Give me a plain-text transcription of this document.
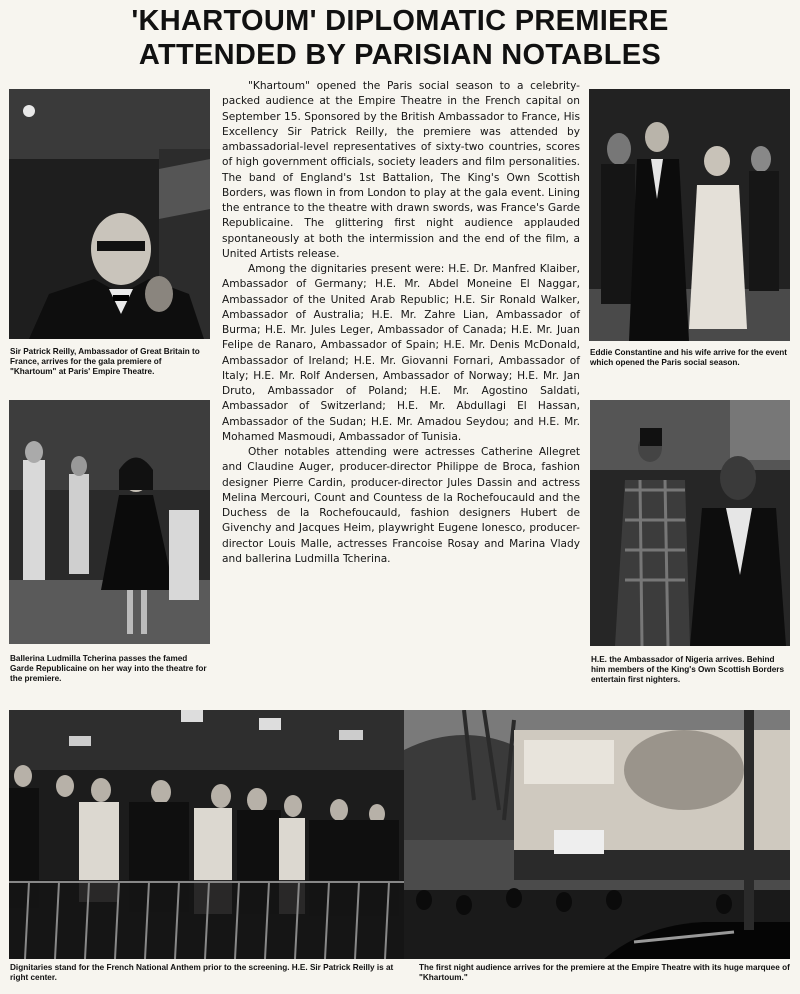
'KHARTOUM' DIPLOMATIC PREMIERE
ATTENDED BY PARISIAN NOTABLES
Sir Patrick Reilly, Ambassador of Great Britain to France, arrives for the gala premiere of "Khartoum" at Paris' Empire Theatre.
Eddie Constantine and his wife arrive for the event which opened the Paris social season.
Ballerina Ludmilla Tcherina passes the famed Garde Republicaine on her way into the theatre for the premiere.
H.E. the Ambassador of Nigeria arrives. Behind him members of the King's Own Scottish Borders entertain first nighters.
Dignitaries stand for the French National Anthem prior to the screening. H.E. Sir Patrick Reilly is at right center.
The first night audience arrives for the premiere at the Empire Theatre with its huge marquee of "Khartoum."

"Khartoum" opened the Paris social season to a celebrity-packed audience at the Empire Theatre in the French capital on September 15. Sponsored by the British Ambassador to France, His Excellency Sir Patrick Reilly, the premiere was attended by ambassadorial-level representatives of sixty-two countries, scores of high government officials, society leaders and film personalities. The band of England's 1st Battalion, The King's Own Scottish Borders, was flown in from London to play at the gala event. Lining the entrance to the theatre with drawn swords, was France's Garde Republicaine. The glittering first night audience applauded spontaneously at both the intermission and the end of the film, a United Artists release.

Among the dignitaries present were: H.E. Dr. Manfred Klaiber, Ambassador of Germany; H.E. Mr. Abdel Moneine El Naggar, Ambassador of the United Arab Republic; H.E. Sir Ronald Walker, Ambassador of Australia; H.E. Mr. Zahre Lian, Ambassador of Burma; H.E. Mr. Jules Leger, Ambassador of Canada; H.E. Mr. Juan Felipe de Ranaro, Ambassador of Spain; H.E. Mr. Denis McDonald, Ambassador of Ireland; H.E. Mr. Giovanni Fornari, Ambassador of Italy; H.E. Mr. Rolf Andersen, Ambassador of Norway; H.E. Mr. Jan Druto, Ambassador of Poland; H.E. Mr. Agostino Saldati, Ambassador of Switzerland; H.E. Mr. Abdullagi El Hassan, Ambassador of the Sudan; H.E. Mr. Amadou Seydou; and H.E. Mr. Mohamed Masmoudi, Ambassador of Tunisia.

Other notables attending were actresses Catherine Allegret and Claudine Auger, producer-director Philippe de Broca, fashion designer Pierre Cardin, producer-director Jules Dassin and actress Melina Mercouri, Count and Countess de la Rochefoucauld and the Duchess de la Rochefoucauld, fashion designers Hubert de Givenchy and Jacques Heim, playwright Eugene Ionesco, producer-director Louis Malle, actresses Francoise Rosay and Marina Vlady and ballerina Ludmilla Tcherina.
